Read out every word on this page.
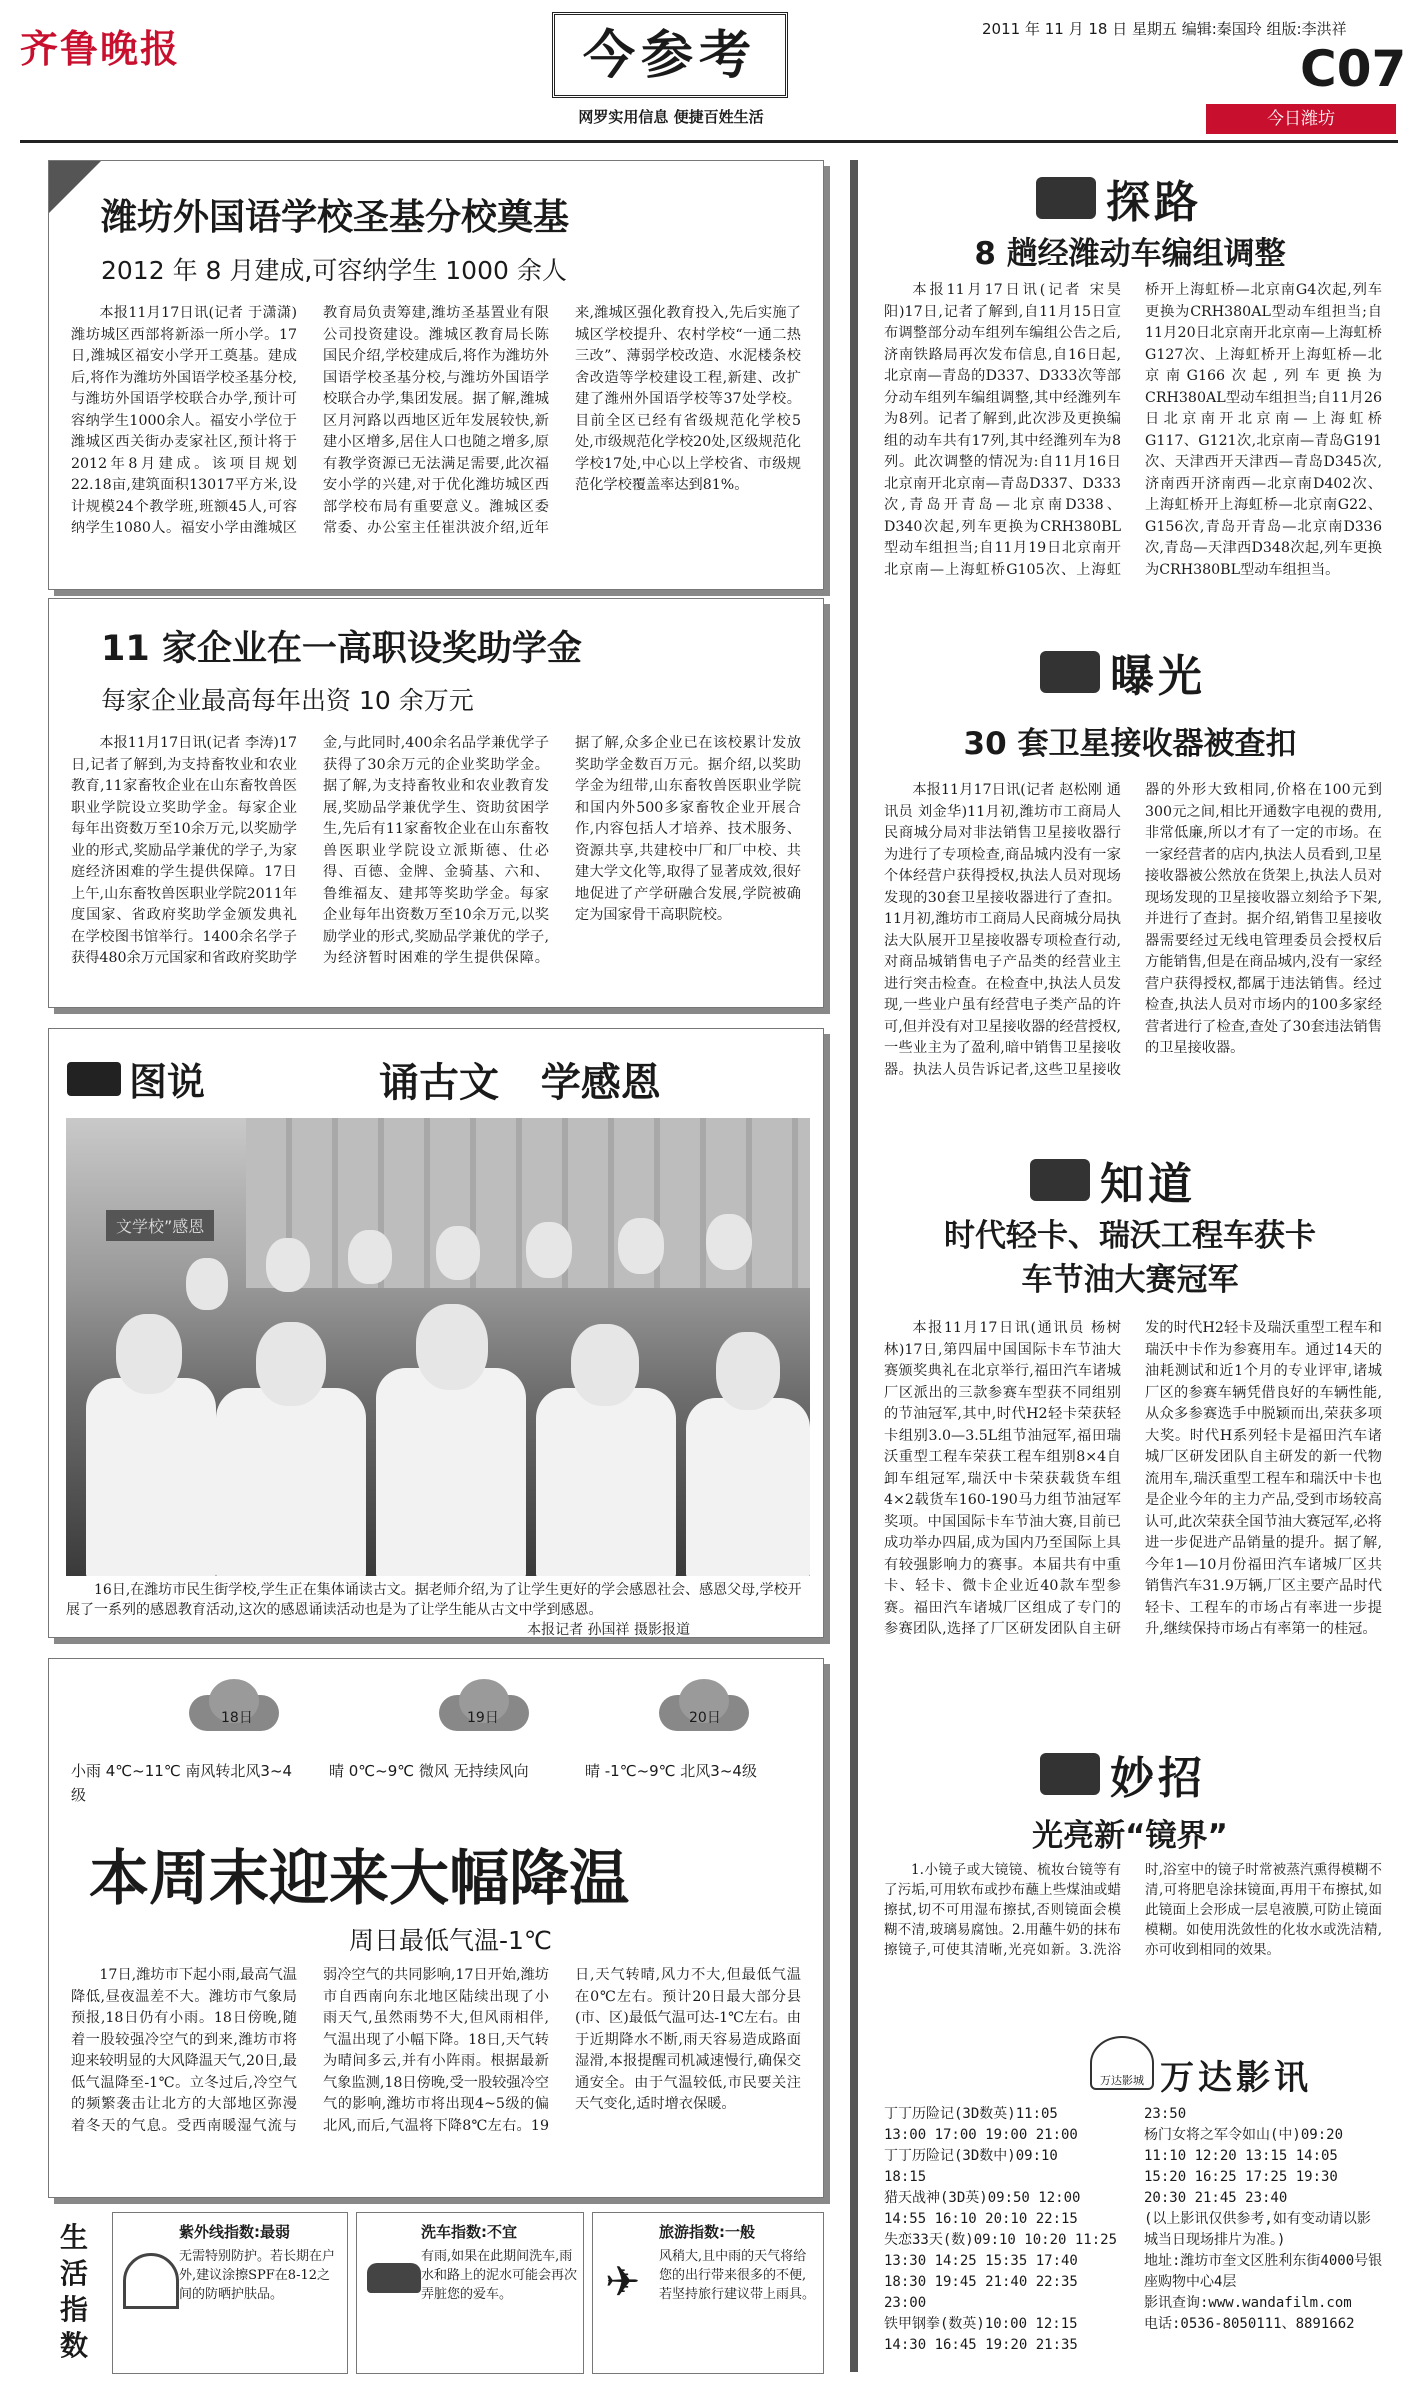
齐鲁晚报	今参考
网罗实用信息 便捷百姓生活
2011 年 11 月 18 日 星期五 编辑:秦国玲 组版:李洪祥
C07
今日潍坊
潍坊外国语学校圣基分校奠基
2012 年 8 月建成,可容纳学生 1000 余人
本报11月17日讯(记者 于潇潇)潍坊城区西部将新添一所小学。17日,潍城区福安小学开工奠基。建成后,将作为潍坊外国语学校圣基分校,与潍坊外国语学校联合办学,预计可容纳学生1000余人。福安小学位于潍城区西关街办麦家社区,预计将于2012年8月建成。该项目规划22.18亩,建筑面积13017平方米,设计规模24个教学班,班额45人,可容纳学生1080人。福安小学由潍城区教育局负责筹建,潍坊圣基置业有限公司投资建设。潍城区教育局长陈国民介绍,学校建成后,将作为潍坊外国语学校圣基分校,与潍坊外国语学校联合办学,集团发展。据了解,潍城区月河路以西地区近年发展较快,新建小区增多,居住人口也随之增多,原有教学资源已无法满足需要,此次福安小学的兴建,对于优化潍坊城区西部学校布局有重要意义。潍城区委常委、办公室主任崔洪波介绍,近年来,潍城区强化教育投入,先后实施了城区学校提升、农村学校“一通二热三改”、薄弱学校改造、水泥楼条校舍改造等学校建设工程,新建、改扩建了潍州外国语学校等37处学校。目前全区已经有省级规范化学校5处,市级规范化学校20处,区级规范化学校17处,中心以上学校省、市级规范化学校覆盖率达到81%。
11 家企业在一高职设奖助学金
每家企业最高每年出资 10 余万元
本报11月17日讯(记者 李涛)17日,记者了解到,为支持畜牧业和农业教育,11家畜牧企业在山东畜牧兽医职业学院设立奖助学金。每家企业每年出资数万至10余万元,以奖励学业的形式,奖励品学兼优的学子,为家庭经济困难的学生提供保障。17日上午,山东畜牧兽医职业学院2011年度国家、省政府奖助学金颁发典礼在学校图书馆举行。1400余名学子获得480余万元国家和省政府奖助学金,与此同时,400余名品学兼优学子获得了30余万元的企业奖助学金。据了解,为支持畜牧业和农业教育发展,奖励品学兼优学生、资助贫困学生,先后有11家畜牧企业在山东畜牧兽医职业学院设立派斯德、仕必得、百德、金牌、金骑基、六和、鲁维福友、建邦等奖助学金。每家企业每年出资数万至10余万元,以奖励学业的形式,奖励品学兼优的学子,为经济暂时困难的学生提供保障。据了解,众多企业已在该校累计发放奖助学金数百万元。据介绍,以奖助学金为纽带,山东畜牧兽医职业学院和国内外500多家畜牧企业开展合作,内容包括人才培养、技术服务、资源共享,共建校中厂和厂中校、共建大学文化等,取得了显著成效,很好地促进了产学研融合发展,学院被确定为国家骨干高职院校。
图说	诵古文   学感恩
文学校”感恩
16日,在潍坊市民生街学校,学生正在集体诵读古文。据老师介绍,为了让学生更好的学会感恩社会、感恩父母,学校开展了一系列的感恩教育活动,这次的感恩诵读活动也是为了让学生能从古文中学到感恩。
本报记者 孙国祥 摄影报道
18日	19日	20日
小雨 4℃~11℃ 南风转北风3~4级
晴 0℃~9℃ 微风 无持续风向	晴 -1℃~9℃ 北风3~4级
本周末迎来大幅降温
周日最低气温-1℃
17日,潍坊市下起小雨,最高气温降低,昼夜温差不大。潍坊市气象局预报,18日仍有小雨。18日傍晚,随着一股较强冷空气的到来,潍坊市将迎来较明显的大风降温天气,20日,最低气温降至-1℃。立冬过后,冷空气的频繁袭击让北方的大部地区弥漫着冬天的气息。受西南暖湿气流与弱冷空气的共同影响,17日开始,潍坊市自西南向东北地区陆续出现了小雨天气,虽然雨势不大,但风雨相伴,气温出现了小幅下降。18日,天气转为晴间多云,并有小阵雨。根据最新气象监测,18日傍晚,受一股较强冷空气的影响,潍坊市将出现4~5级的偏北风,而后,气温将下降8℃左右。19日,天气转晴,风力不大,但最低气温在0℃左右。预计20日最大部分县(市、区)最低气温可达-1℃左右。由于近期降水不断,雨天容易造成路面湿滑,本报提醒司机减速慢行,确保交通安全。由于气温较低,市民要关注天气变化,适时增衣保暖。
生活指数
紫外线指数:最弱
无需特别防护。若长期在户外,建议涂擦SPF在8-12之间的防晒护肤品。
洗车指数:不宜
有雨,如果在此期间洗车,雨水和路上的泥水可能会再次弄脏您的爱车。	✈
旅游指数:一般
风稍大,且中雨的天气将给您的出行带来很多的不便,若坚持旅行建议带上雨具。
探路
8 趟经潍动车编组调整
本报11月17日讯(记者 宋昊阳)17日,记者了解到,自11月15日宣布调整部分动车组列车编组公告之后,济南铁路局再次发布信息,自16日起,北京南—青岛的D337、D333次等部分动车组列车编组调整,其中经潍列车为8列。记者了解到,此次涉及更换编组的动车共有17列,其中经潍列车为8列。此次调整的情况为:自11月16日北京南开北京南—青岛D337、D333次,青岛开青岛—北京南D338、D340次起,列车更换为CRH380BL型动车组担当;自11月19日北京南开北京南—上海虹桥G105次、上海虹桥开上海虹桥—北京南G4次起,列车更换为CRH380AL型动车组担当;自11月20日北京南开北京南—上海虹桥G127次、上海虹桥开上海虹桥—北京南G166次起,列车更换为CRH380AL型动车组担当;自11月26日北京南开北京南—上海虹桥G117、G121次,北京南—青岛G191次、天津西开天津西—青岛D345次,济南西开济南西—北京南D402次、上海虹桥开上海虹桥—北京南G22、G156次,青岛开青岛—北京南D336次,青岛—天津西D348次起,列车更换为CRH380BL型动车组担当。
曝光
30 套卫星接收器被查扣
本报11月17日讯(记者 赵松刚 通讯员 刘金华)11月初,潍坊市工商局人民商城分局对非法销售卫星接收器行为进行了专项检查,商品城内没有一家个体经营户获得授权,执法人员对现场发现的30套卫星接收器进行了查扣。11月初,潍坊市工商局人民商城分局执法大队展开卫星接收器专项检查行动,对商品城销售电子产品类的经营业主进行突击检查。在检查中,执法人员发现,一些业户虽有经营电子类产品的许可,但并没有对卫星接收器的经营授权,一些业主为了盈利,暗中销售卫星接收器。执法人员告诉记者,这些卫星接收器的外形大致相同,价格在100元到300元之间,相比开通数字电视的费用,非常低廉,所以才有了一定的市场。在一家经营者的店内,执法人员看到,卫星接收器被公然放在货架上,执法人员对现场发现的卫星接收器立刻给予下架,并进行了查封。据介绍,销售卫星接收器需要经过无线电管理委员会授权后方能销售,但是在商品城内,没有一家经营户获得授权,都属于违法销售。经过检查,执法人员对市场内的100多家经营者进行了检查,查处了30套违法销售的卫星接收器。
知道
时代轻卡、瑞沃工程车获卡车节油大赛冠军
本报11月17日讯(通讯员 杨树林)17日,第四届中国国际卡车节油大赛颁奖典礼在北京举行,福田汽车诸城厂区派出的三款参赛车型获不同组别的节油冠军,其中,时代H2轻卡荣获轻卡组别3.0—3.5L组节油冠军,福田瑞沃重型工程车荣获工程车组别8×4自卸车组冠军,瑞沃中卡荣获载货车组4×2载货车160-190马力组节油冠军奖项。中国国际卡车节油大赛,目前已成功举办四届,成为国内乃至国际上具有较强影响力的赛事。本届共有中重卡、轻卡、微卡企业近40款车型参赛。福田汽车诸城厂区组成了专门的参赛团队,选择了厂区研发团队自主研发的时代H2轻卡及瑞沃重型工程车和瑞沃中卡作为参赛用车。通过14天的油耗测试和近1个月的专业评审,诸城厂区的参赛车辆凭借良好的车辆性能,从众多参赛选手中脱颖而出,荣获多项大奖。时代H系列轻卡是福田汽车诸城厂区研发团队自主研发的新一代物流用车,瑞沃重型工程车和瑞沃中卡也是企业今年的主力产品,受到市场较高认可,此次荣获全国节油大赛冠军,必将进一步促进产品销量的提升。据了解,今年1—10月份福田汽车诸城厂区共销售汽车31.9万辆,厂区主要产品时代轻卡、工程车的市场占有率进一步提升,继续保持市场占有率第一的桂冠。
妙招
光亮新“镜界”
1.小镜子或大镜镜、梳妆台镜等有了污垢,可用软布或抄布蘸上些煤油或蜡擦拭,切不可用湿布擦拭,否则镜面会模糊不清,玻璃易腐蚀。2.用蘸牛奶的抹布擦镜子,可使其清晰,光亮如新。3.洗浴时,浴室中的镜子时常被蒸汽熏得模糊不清,可将肥皂涂抹镜面,再用干布擦拭,如此镜面上会形成一层皂液膜,可防止镜面模糊。如使用洗敛性的化妆水或洗洁精,亦可收到相同的效果。
万达影城 万达影讯
丁丁历险记(3D数英)11:05
13:00 17:00 19:00 21:00
丁丁历险记(3D数中)09:10
18:15
猎天战神(3D英)09:50 12:00
14:55 16:10 20:10 22:15
失恋33天(数)09:10 10:20 11:25 13:30 14:25 15:35 17:40 18:30 19:45 21:40 22:35 23:00
铁甲钢拳(数英)10:00 12:15 14:30 16:45 19:20 21:35 23:50
杨门女将之军令如山(中)09:20 11:10 12:20 13:15 14:05 15:20 16:25 17:25 19:30 20:30 21:45 23:40
(以上影讯仅供参考,如有变动请以影城当日现场排片为准。)
地址:潍坊市奎文区胜利东街4000号银座购物中心4层
影讯查询:www.wandafilm.com
电话:0536-8050111、8891662
